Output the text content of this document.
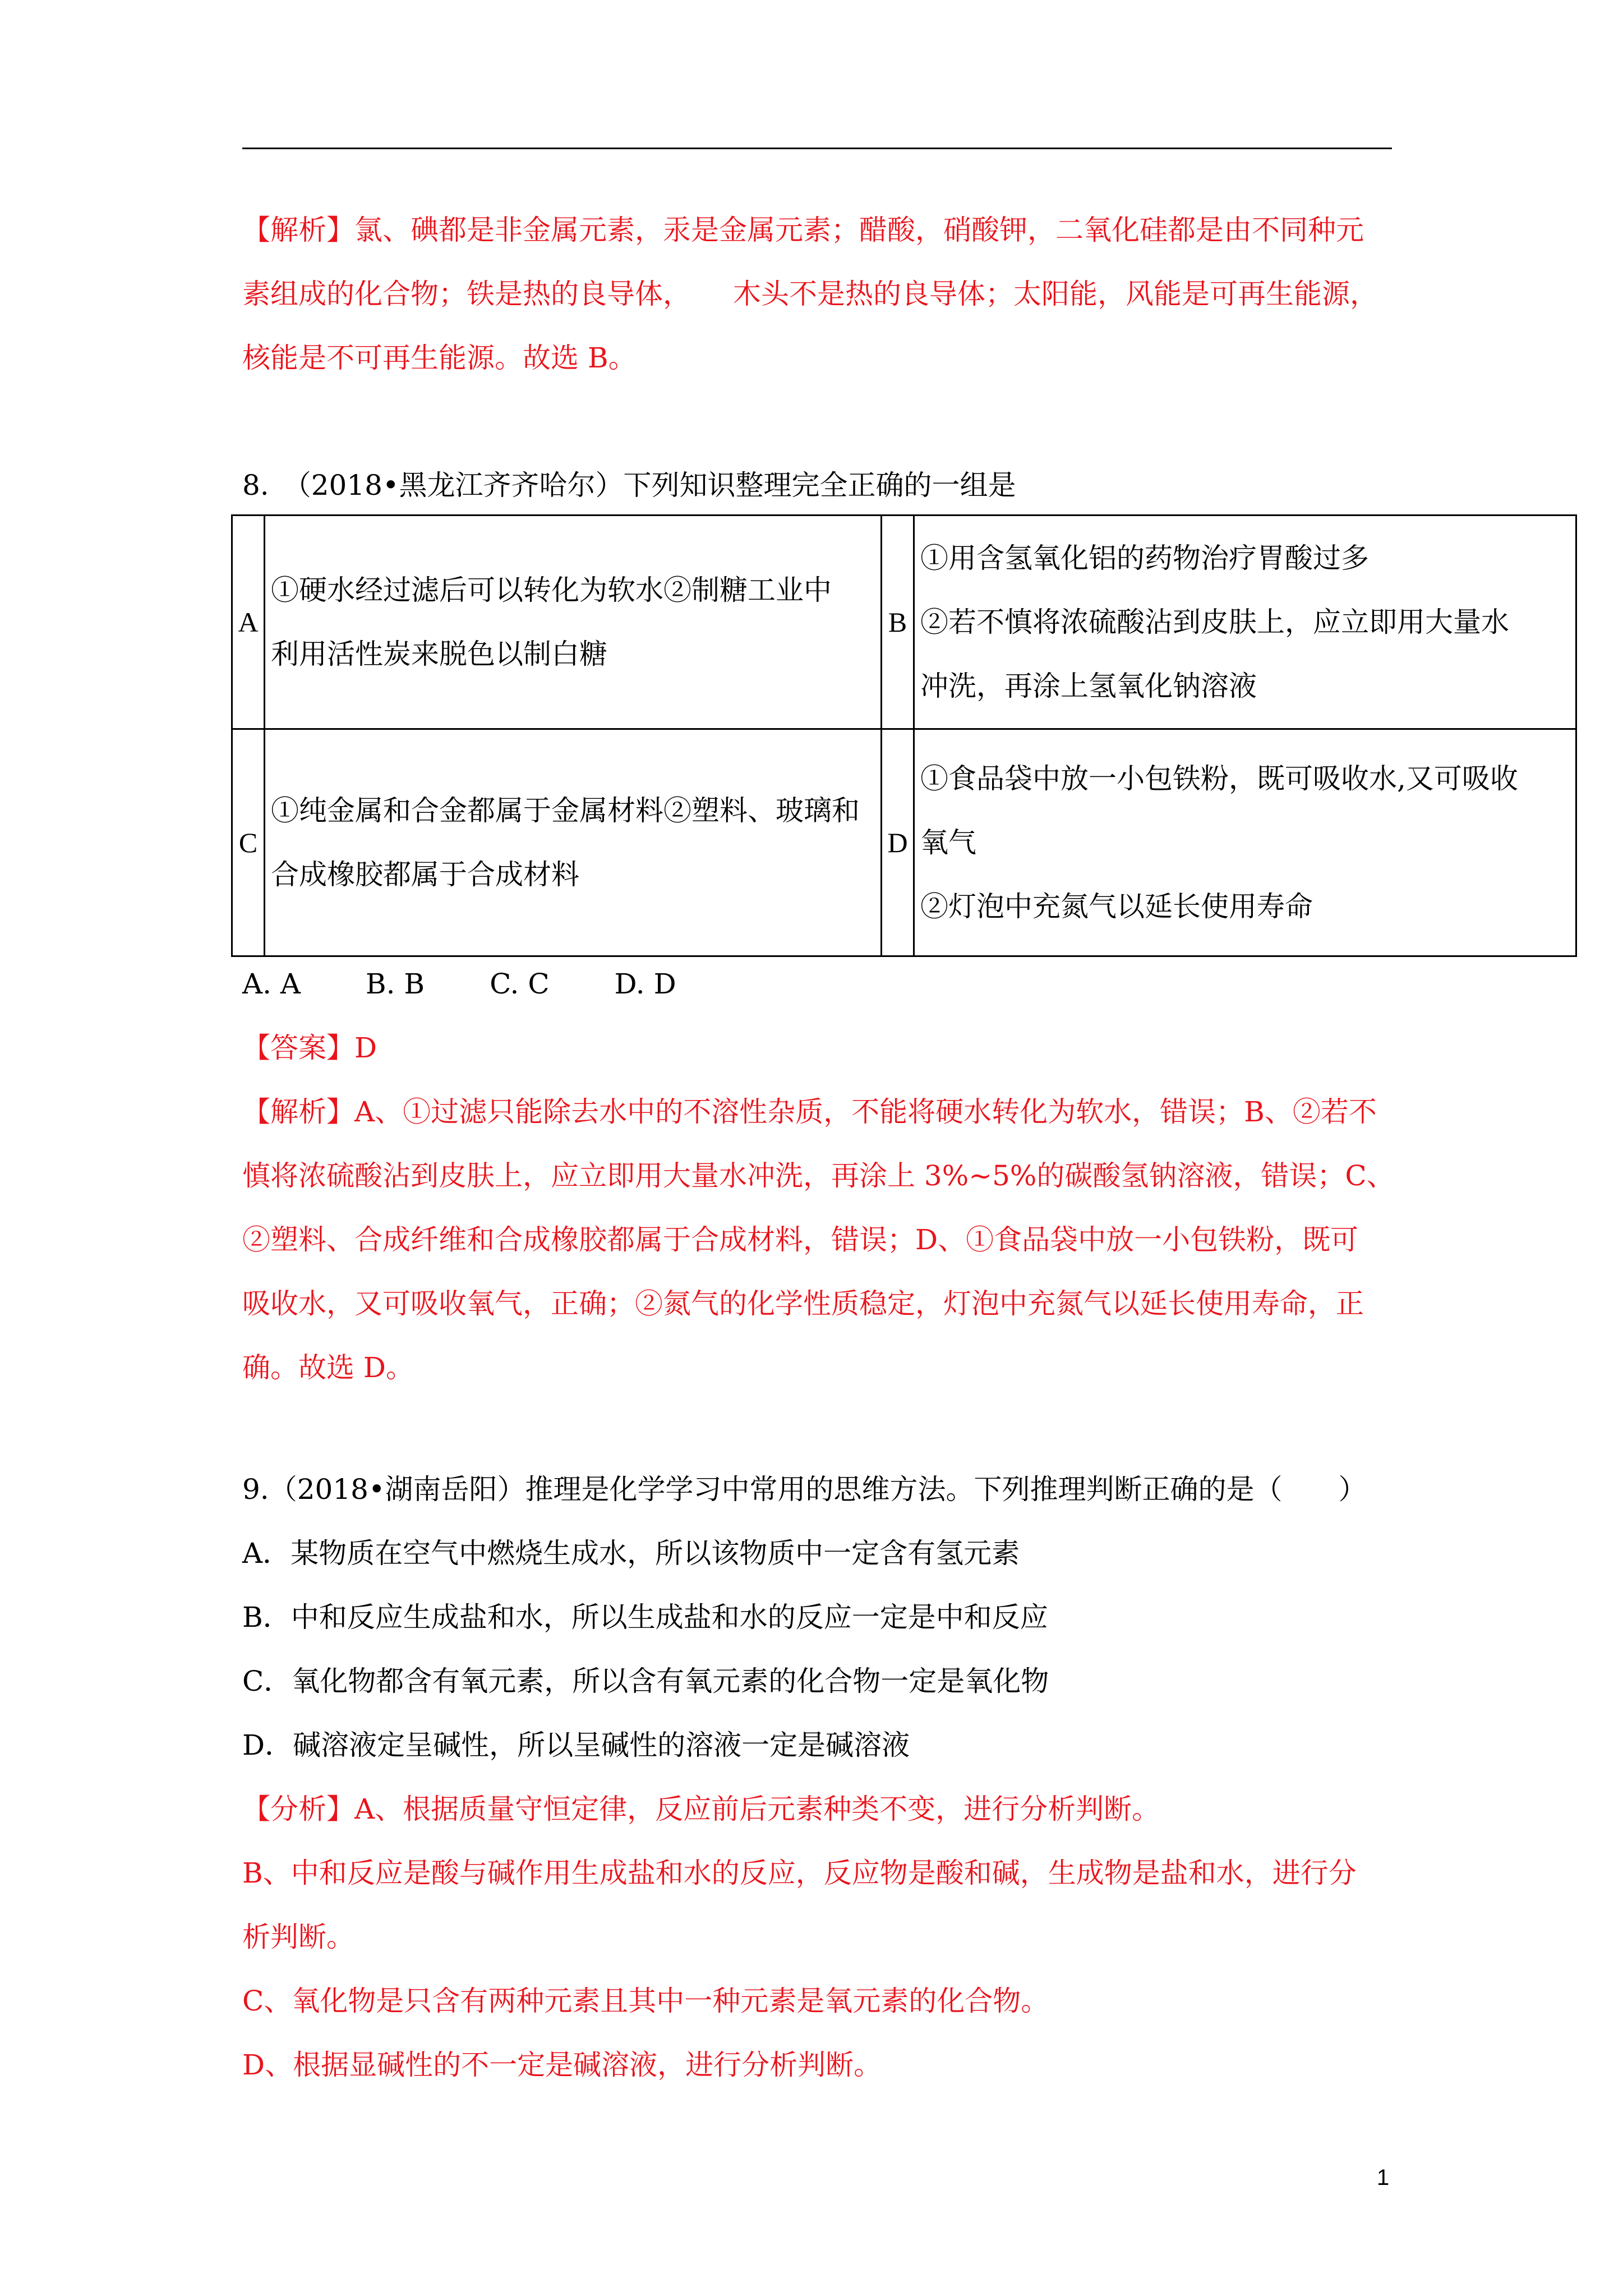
【解析】氯、碘都是非金属元素，汞是金属元素；醋酸，硝酸钾，二氧化硅都是由不同种元

素组成的化合物；铁是热的良导体，　　木头不是热的良导体；太阳能，风能是可再生能源，

核能是不可再生能源。故选 B。

8.　（2018•黑龙江齐齐哈尔）下列知识整理完全正确的一组是

A	①硬水经过滤后可以转化为软水②制糖工业中
利用活性炭来脱色以制白糖	B	①用含氢氧化铝的药物治疗胃酸过多
②若不慎将浓硫酸沾到皮肤上，应立即用大量水
冲洗，再涂上氢氧化钠溶液

C	①纯金属和合金都属于金属材料②塑料、玻璃和
合成橡胶都属于合成材料	D	①食品袋中放一小包铁粉，既可吸收水,又可吸收
氧气
②灯泡中充氮气以延长使用寿命

A. A　　 B. B　　 C. C　　 D. D

【答案】D

【解析】A、①过滤只能除去水中的不溶性杂质，不能将硬水转化为软水，错误；B、②若不

慎将浓硫酸沾到皮肤上，应立即用大量水冲洗，再涂上 3%~5%的碳酸氢钠溶液，错误；C、

②塑料、合成纤维和合成橡胶都属于合成材料，错误；D、①食品袋中放一小包铁粉，既可

吸收水，又可吸收氧气，正确；②氮气的化学性质稳定，灯泡中充氮气以延长使用寿命，正

确。故选 D。

9.（2018•湖南岳阳）推理是化学学习中常用的思维方法。下列推理判断正确的是（　　）

A．某物质在空气中燃烧生成水，所以该物质中一定含有氢元素

B．中和反应生成盐和水，所以生成盐和水的反应一定是中和反应

C．氧化物都含有氧元素，所以含有氧元素的化合物一定是氧化物

D．碱溶液定呈碱性，所以呈碱性的溶液一定是碱溶液

【分析】A、根据质量守恒定律，反应前后元素种类不变，进行分析判断。

B、中和反应是酸与碱作用生成盐和水的反应，反应物是酸和碱，生成物是盐和水，进行分

析判断。

C、氧化物是只含有两种元素且其中一种元素是氧元素的化合物。

D、根据显碱性的不一定是碱溶液，进行分析判断。

1
